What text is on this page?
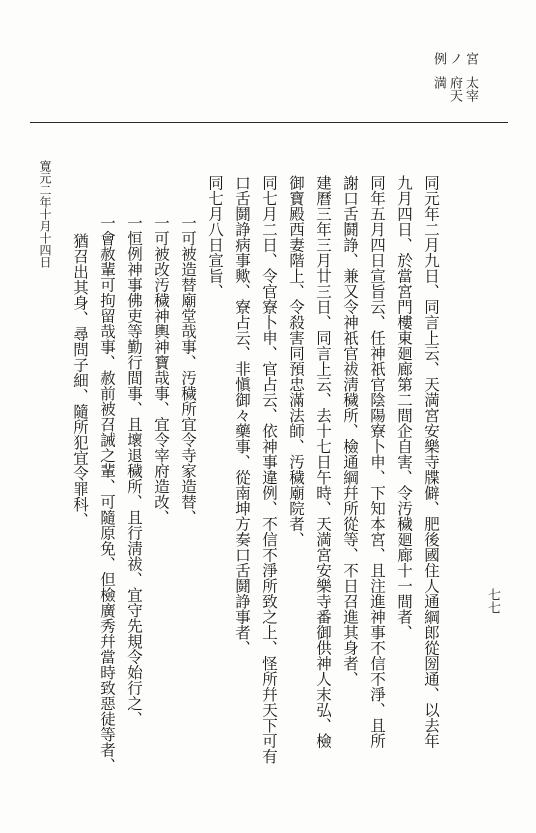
太宰府天満
宮ノ例
同元年二月九日、同言上云、天満宮安樂寺牒僻、肥後國住人通綱郎從圀通、以去年
九月四日、於當宮門樓東廻廊第二間企自害、令汚穢廻廊十一間者、
同年五月四日宣旨云、任神祇官陰陽寮卜申、下知本宮、且注進神事不信不淨、且所
謝口舌鬪諍、兼又令神祇官祓淸穢所、檢通綱幷所從等、不日召進其身者、
建曆三年三月廿三日、同言上云、去十七日午時、天満宮安樂寺番御供神人末弘、檢
御寶殿西妻階上、令殺害同預忠滿法師、汚穢廟院者、
同七月二日、令官寮卜申、官占云、依神事違例、不信不淨所致之上、怪所幷天下可有
口舌鬪諍病事歟、寮占云、非愼御々藥事、從南坤方奏口舌鬪諍事者、
同七月八日宣旨、
一可被造替廟堂哉事、汚穢所宜令寺家造替、
一可被改汚穢神輿神寶哉事、宜令宰府造改、
一恒例神事佛吏等勤行間事、且壞退穢所、且行淸祓、宜守先規令始行之、
一會赦輩可拘留哉事、赦前被召誡之輩、可隨原免、但檢廣秀幷當時致惡徒等者、
猶召出其身、尋問子細、隨所犯宜令罪科、
寛元二年十月十四日
七七
